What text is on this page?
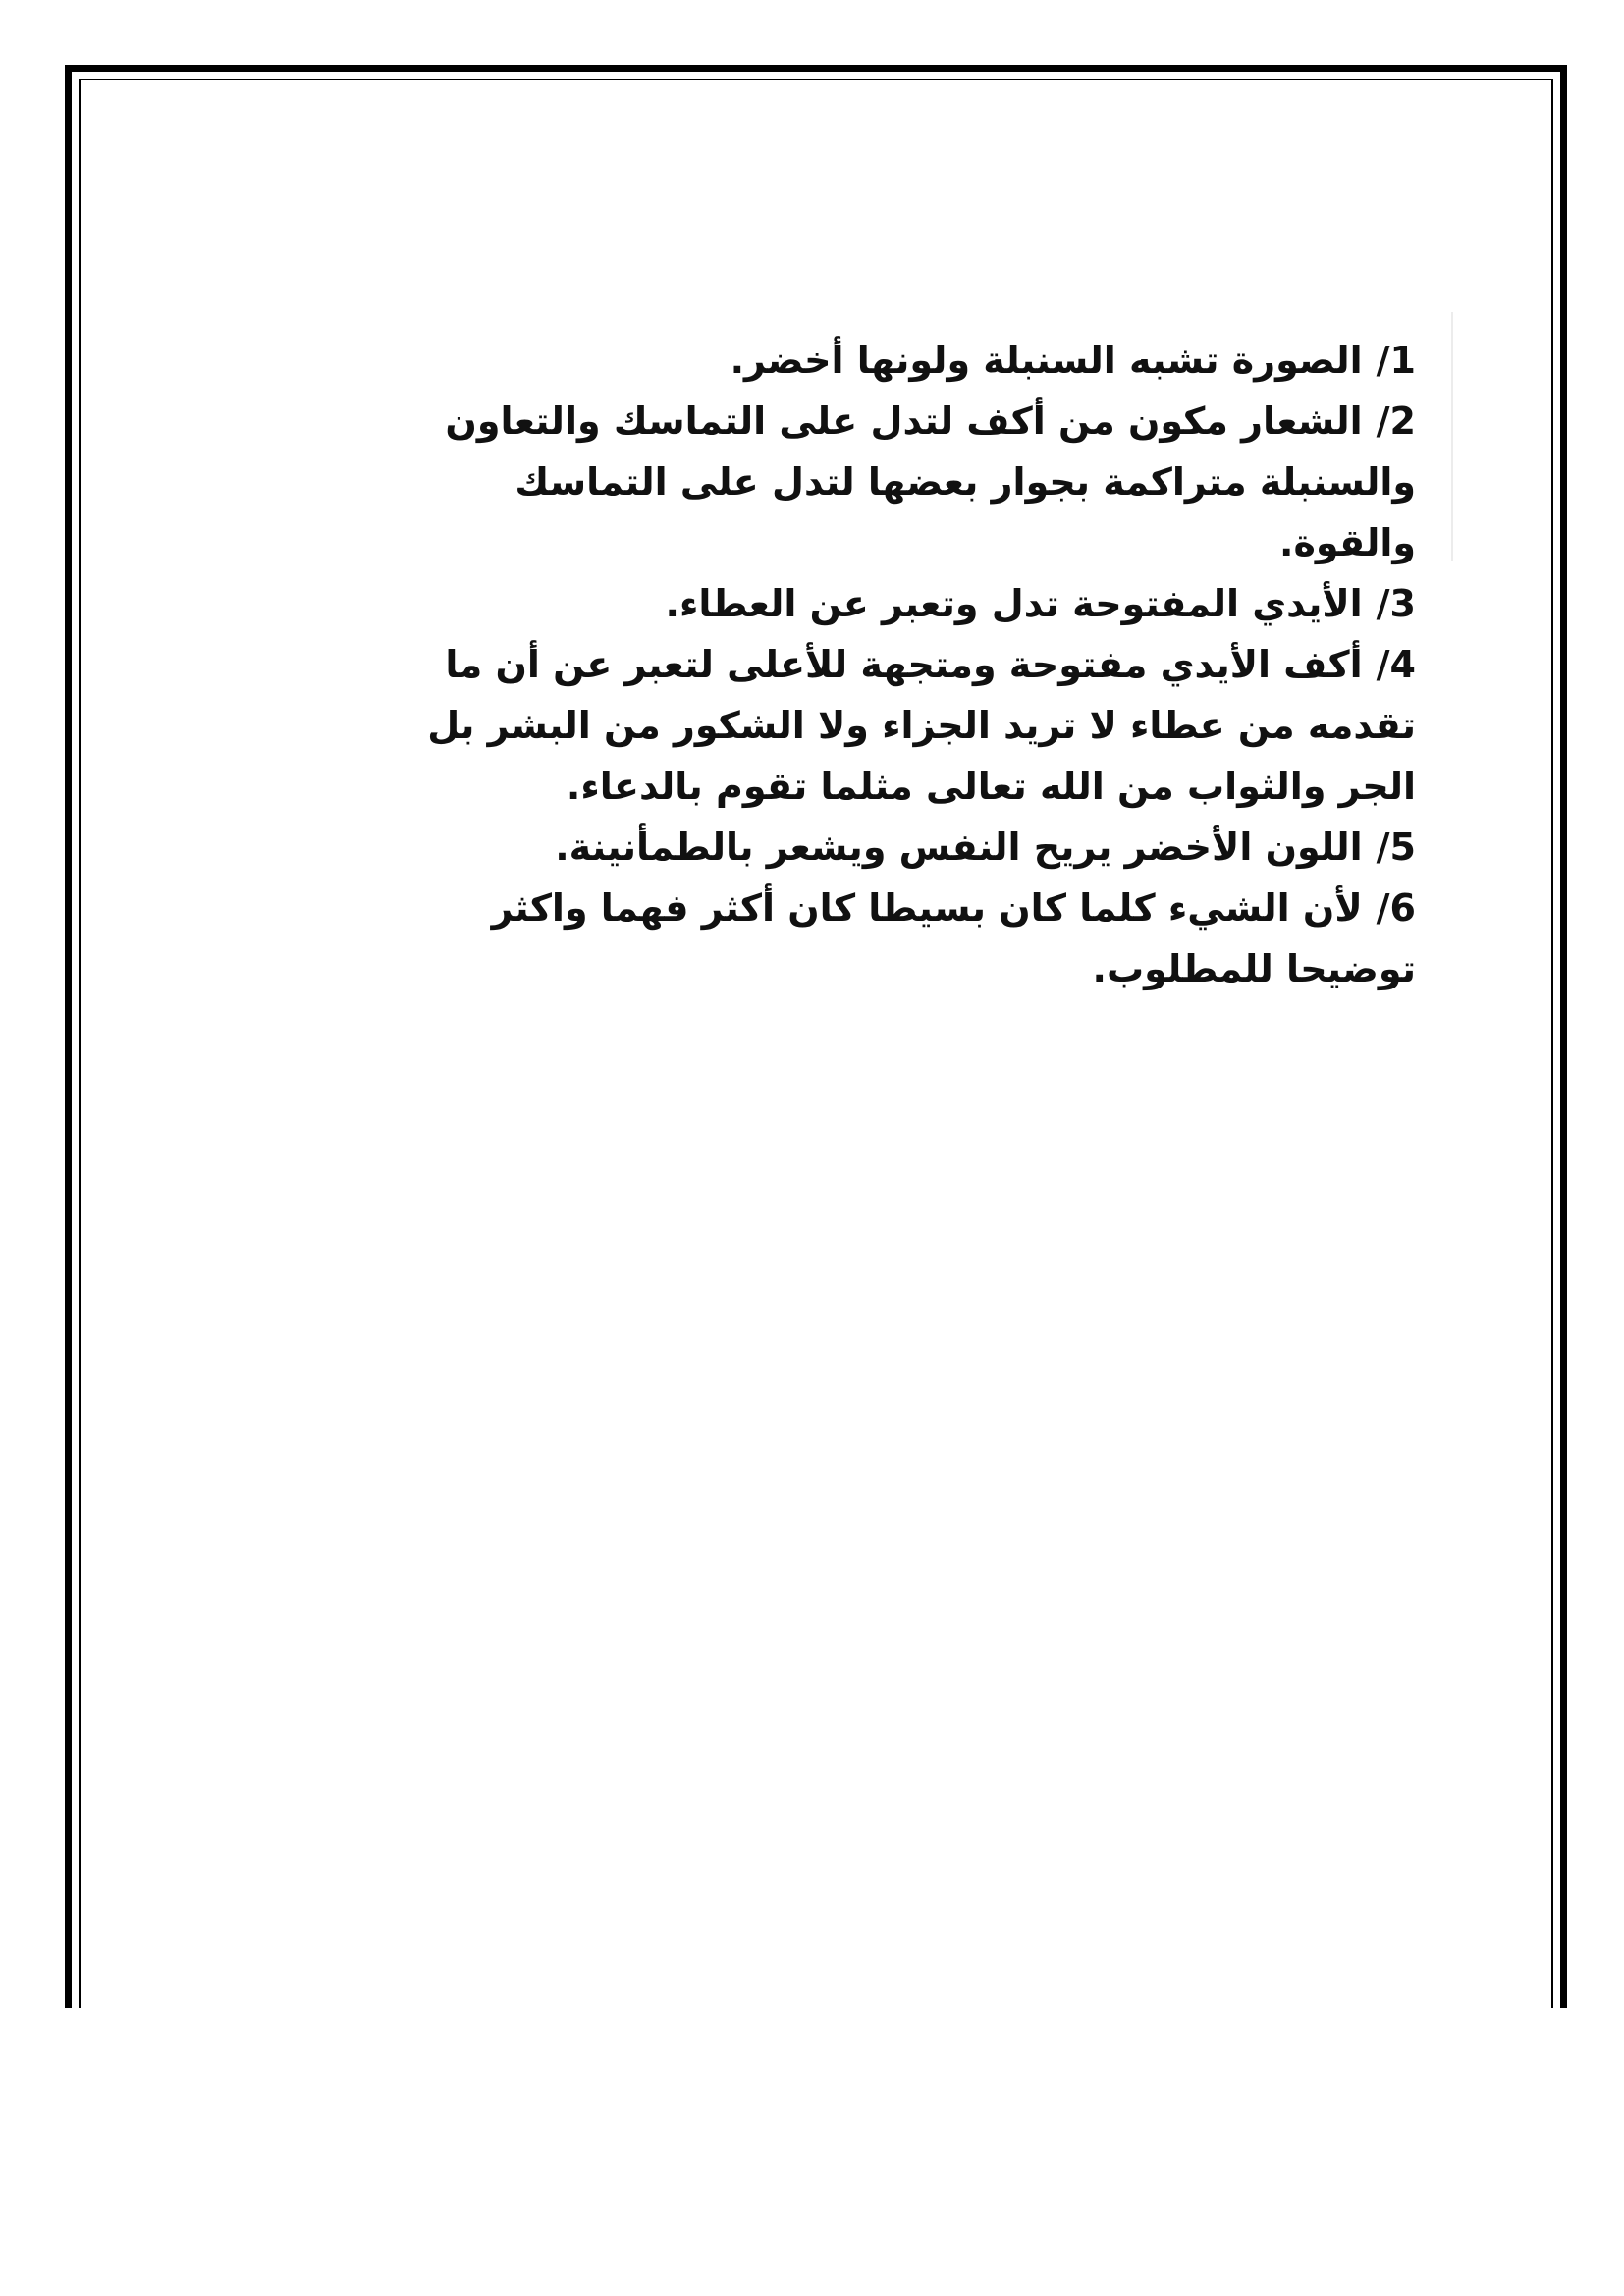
1/الصورة تشبه السنبلة ولونها أخضر.
2/الشعار مكون من أكف لتدل على التماسك والتعاون
والسنبلة متراكمة بجوار بعضها لتدل على التماسك
والقوة.
3/الأيدي المفتوحة تدل وتعبر عن العطاء.
4/أكف الأيدي مفتوحة ومتجهة للأعلى لتعبر عن أن ما
تقدمه من عطاء لا تريد الجزاء ولا الشكور من البشر بل
الجر والثواب من الله تعالى مثلما تقوم بالدعاء.
5/اللون الأخضر يريح النفس ويشعر بالطمأنينة.
6/لأن الشيء كلما كان بسيطا كان أكثر فهما واكثر
توضيحا للمطلوب.
